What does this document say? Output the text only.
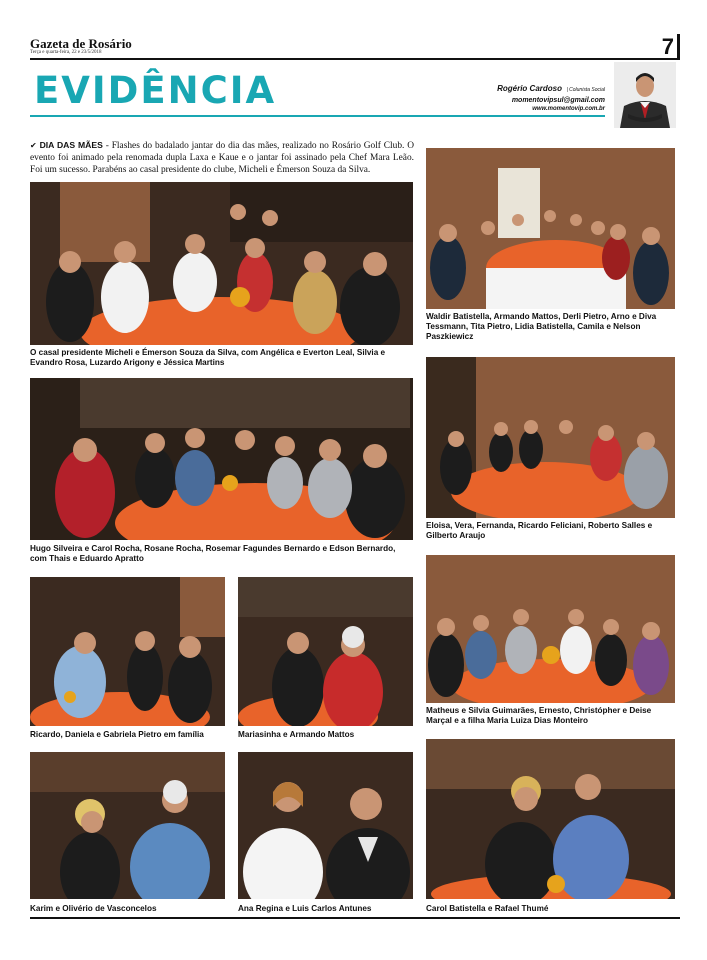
Gazeta de Rosário
Terça e quarta-feira, 22 e 23/5/2018	7
EVIDÊNCIA	Rogério Cardoso | Colunista Social
momentovipsul@gmail.com
www.momentovip.com.br
✔ DIA DAS MÃES - Flashes do badalado jantar do dia das mães, realizado no Rosário Golf Club. O evento foi animado pela renomada dupla Laxa e Kaue e o jantar foi assinado pela Chef Mara Leão. Foi um sucesso. Parabéns ao casal presidente do clube, Micheli e Émerson Souza da Silva.
O casal presidente Micheli e Émerson Souza da Silva, com Angélica e Everton Leal, Silvia e Evandro Rosa, Luzardo Arigony e Jéssica Martins
Waldir Batistella, Armando Mattos, Derli Pietro, Arno e Diva Tessmann, Tita Pietro, Lidia Batistella, Camila e Nelson Paszkiewicz
Hugo Silveira e Carol Rocha, Rosane Rocha, Rosemar Fagundes Bernardo e Edson Bernardo, com Thais e Eduardo Apratto
Eloisa, Vera, Fernanda, Ricardo Feliciani, Roberto Salles e Gilberto Araujo
Ricardo, Daniela e Gabriela Pietro em família	Mariasinha e Armando Mattos
Matheus e Silvia Guimarães, Ernesto, Christópher e Deise Marçal e a filha Maria Luiza Dias Monteiro
Karim e Olivério de Vasconcelos	Ana Regina e Luis Carlos Antunes	Carol Batistella e Rafael Thumé
